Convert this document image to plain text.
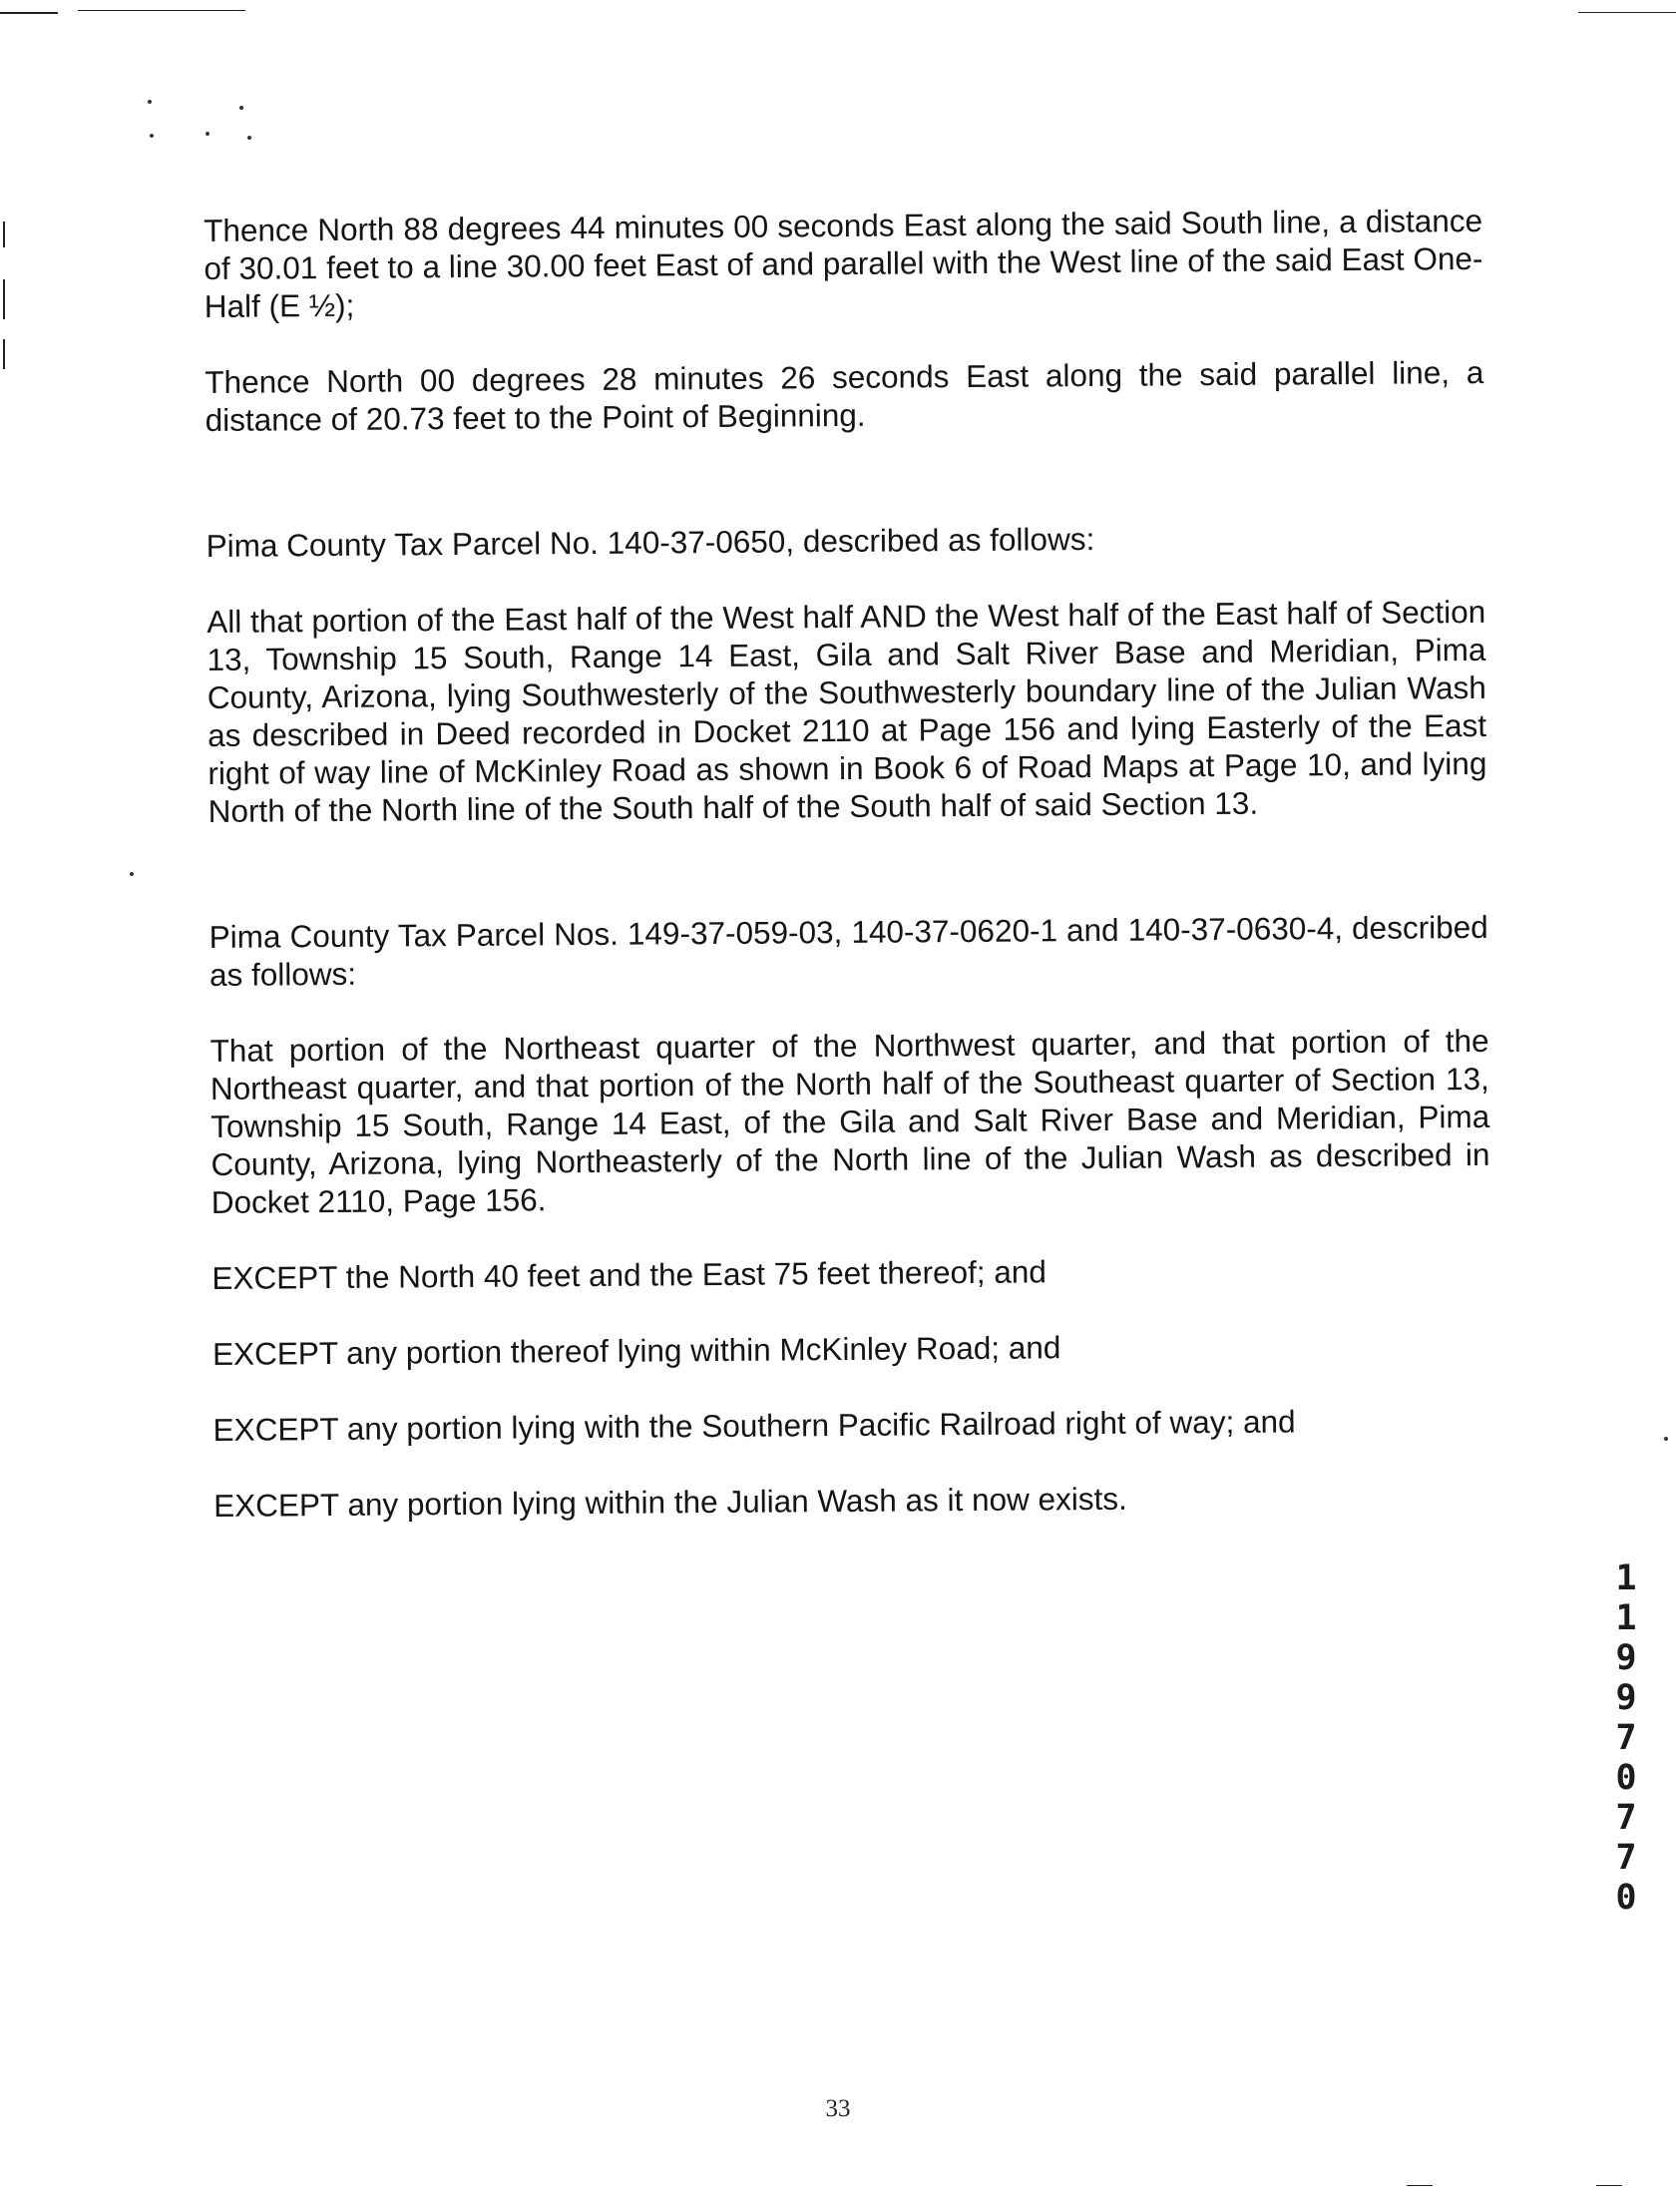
Thence North 88 degrees 44 minutes 00 seconds East along the said South line, a distance of 30.01 feet to a line 30.00 feet East of and parallel with the West line of the said East One-Half (E ½);

Thence North 00 degrees 28 minutes 26 seconds East along the said parallel line, a distance of 20.73 feet to the Point of Beginning.

Pima County Tax Parcel No. 140-37-0650, described as follows:

All that portion of the East half of the West half AND the West half of the East half of Section 13, Township 15 South, Range 14 East, Gila and Salt River Base and Meridian, Pima County, Arizona, lying Southwesterly of the Southwesterly boundary line of the Julian Wash as described in Deed recorded in Docket 2110 at Page 156 and lying Easterly of the East right of way line of McKinley Road as shown in Book 6 of Road Maps at Page 10, and lying North of the North line of the South half of the South half of said Section 13.

Pima County Tax Parcel Nos. 149-37-059-03, 140-37-0620-1 and 140-37-0630-4, described as follows:

That portion of the Northeast quarter of the Northwest quarter, and that portion of the Northeast quarter, and that portion of the North half of the Southeast quarter of Section 13, Township 15 South, Range 14 East, of the Gila and Salt River Base and Meridian, Pima County, Arizona, lying Northeasterly of the North line of the Julian Wash as described in Docket 2110, Page 156.

EXCEPT the North 40 feet and the East 75 feet thereof; and

EXCEPT any portion thereof lying within McKinley Road; and

EXCEPT any portion lying with the Southern Pacific Railroad right of way; and

EXCEPT any portion lying within the Julian Wash as it now exists.

11997 0770
33
